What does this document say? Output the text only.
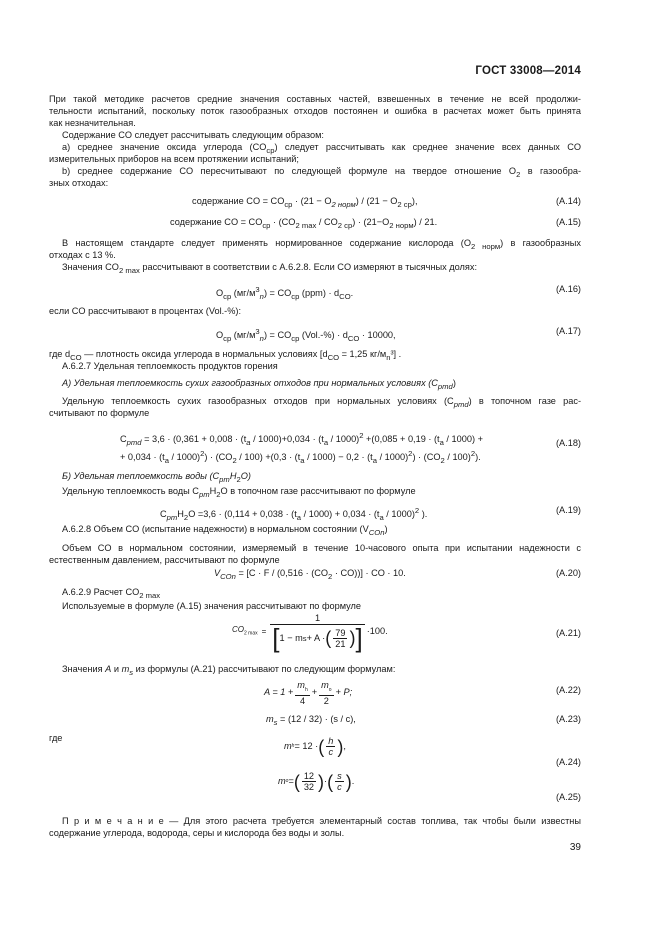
ГОСТ 33008—2014
При такой методике расчетов средние значения составных частей, взвешенных в течение не всей продолжи-
тельности испытаний, поскольку поток газообразных отходов постоянен и ошибка в расчетах может быть принята
как незначительная.
Содержание CO следует рассчитывать следующим образом:
a) среднее значение оксида углерода $(CO_{ср})$ следует рассчитывать как среднее значение всех данных CO
измерительных приборов на всем протяжении испытаний;
b) среднее содержание CO пересчитывают по следующей формуле на твердое отношение $O_2$ в газообра-
зных отходах:
содержание CO = $CO_{ср} \cdot (21 - O_{2 норм}) / (21 - O_{2 ср})$,	(A.14)
содержание CO = $CO_{ср} \cdot (CO_{2 max} / CO_{2 ср}) \cdot (21-O_{2 норм}) / 21$.	(A.15)
В настоящем стандарте следует применять нормированное содержание кислорода $(O_{2 норм})$ в газообразных
отходах с 13 %.
Значения $CO_{2 max}$ рассчитывают в соответствии с A.6.2.8. Если CO измеряют в тысячных долях:
$O_{ср}$ $(мг/м^3_n) = CO_{ср}$ $(ppm) \cdot d_{CO}$.	(A.16)
если CO рассчитывают в процентах (Vol.-%):
$O_{ср}$ $(мг/м^3_n) = CO_{ср}$ $(Vol.-\%) \cdot d_{CO} \cdot 10000$,	(A.17)
где $d_{CO}$ — плотность оксида углерода в нормальных условиях [$d_{CO} = 1,25$ $кг/м_n^3$] .
A.6.2.7 Удельная теплоемкость продуктов горения
A) Удельная теплоемкость сухих газообразных отходов при нормальных условиях $(C_{pmd})$
Удельную теплоемкость сухих газообразных отходов при нормальных условиях $(C_{pmd})$ в топочном газе рас-
считывают по формуле
$C_{pmd} = 3,6 \cdot (0,361 + 0,008 \cdot (t_a / 1000)+0,034 \cdot (t_a / 1000)^2 +(0,085 + 0,19 \cdot (t_a / 1000)$ +
+ $0,034 \cdot (t_a / 1000)^2) \cdot (CO_2 / 100) +(0,3 \cdot (t_a / 1000) - 0,2 \cdot (t_a / 1000)^2) \cdot (CO_2 / 100)^2$).
(A.18)
Б) Удельная теплоемкость воды $(C_{pm}H_2O)$
Удельную теплоемкость воды $C_{pm}H_2O$ в топочном газе рассчитывают по формуле
$C_{pm}H_2O =3,6 \cdot (0,114 + 0,038 \cdot (t_a / 1000) + 0,034 \cdot (t_a / 1000)^2$ ).	(A.19)
A.6.2.8 Объем CO (испытание надежности) в нормальном состоянии $(V_{COn})$
Объем CO в нормальном состоянии, измеряемый в течение 10-часового опыта при испытании надежности с
естественным давлением, рассчитывают по формуле
$V_{COn} = [C \cdot F / (0,516 \cdot (CO_2 \cdot CO))]$ · CO · 10.	(A.20)
A.6.2.9 Расчет $CO_{2 max}$
Используемые в формуле (A.15) значения рассчитывают по формуле
$CO_{2 max}$ =
1
[ 1 − m s + A · ( $\frac{79}{21}$ ) ] ·100.	(A.21)
Значения A и $m_s$ из формулы (A.21) рассчитывают по следующим формулам:
$A = 1 + \frac{m_h}{4} + \frac{m_o}{2} + P$;	(A.22)
$m_s = (12 / 32) \cdot (s / c)$,	(A.23)
где
m h = 12 · ( $\frac{h}{c}$ ) ,
(A.24)
m o = ( $\frac{12}{32}$ ) · ( $\frac{s}{c}$ ) .
(A.25)
П р и м е ч а н и е — Для этого расчета требуется элементарный состав топлива, так чтобы были известны
содержание углерода, водорода, серы и кислорода без воды и золы.
39
